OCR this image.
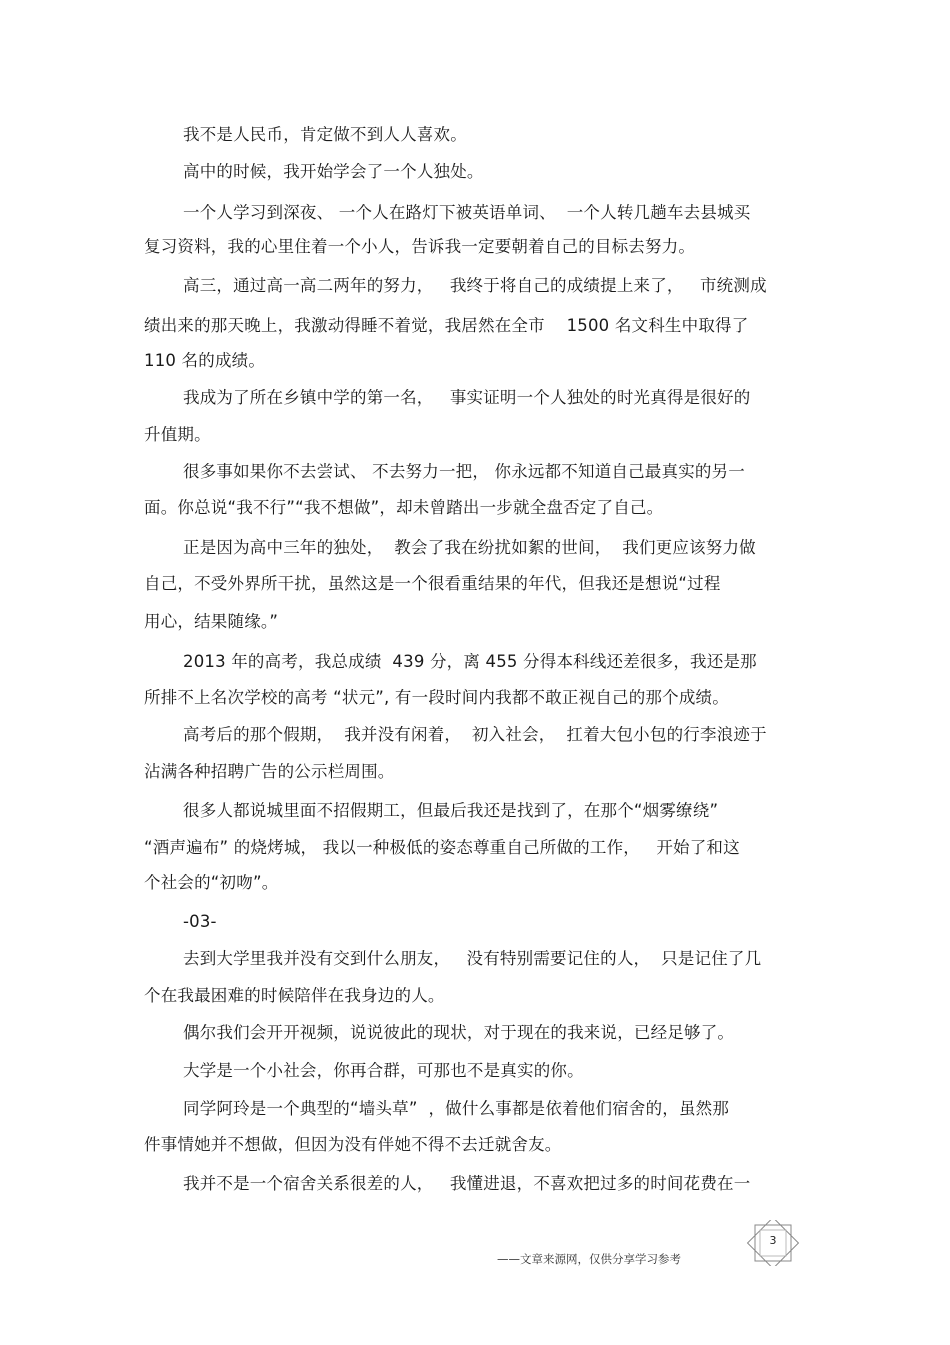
我不是人民币，肯定做不到人人喜欢。
高中的时候，我开始学会了一个人独处。
一个人学习到深夜、 一个人在路灯下被英语单词、  一个人转几趟车去县城买
复习资料，我的心里住着一个小人，告诉我一定要朝着自己的目标去努力。
高三，通过高一高二两年的努力，   我终于将自己的成绩提上来了，   市统测成
绩出来的那天晚上，我激动得睡不着觉，我居然在全市    1500 名文科生中取得了
110 名的成绩。
我成为了所在乡镇中学的第一名，   事实证明一个人独处的时光真得是很好的
升值期。
很多事如果你不去尝试、 不去努力一把， 你永远都不知道自己最真实的另一
面。你总说“我不行”“我不想做”，却未曾踏出一步就全盘否定了自己。
正是因为高中三年的独处，  教会了我在纷扰如絮的世间，  我们更应该努力做
自己，不受外界所干扰，虽然这是一个很看重结果的年代，但我还是想说“过程
用心，结果随缘。”
2013 年的高考，我总成绩  439 分，离 455 分得本科线还差很多，我还是那
所排不上名次学校的高考 “状元”, 有一段时间内我都不敢正视自己的那个成绩。
高考后的那个假期，  我并没有闲着，  初入社会，  扛着大包小包的行李浪迹于
沾满各种招聘广告的公示栏周围。
很多人都说城里面不招假期工，但最后我还是找到了，在那个“烟雾缭绕”
“酒声遍布” 的烧烤城， 我以一种极低的姿态尊重自己所做的工作，   开始了和这
个社会的“初吻”。
-03-
去到大学里我并没有交到什么朋友，   没有特别需要记住的人，  只是记住了几
个在我最困难的时候陪伴在我身边的人。
偶尔我们会开开视频，说说彼此的现状，对于现在的我来说，已经足够了。
大学是一个小社会，你再合群，可那也不是真实的你。
同学阿玲是一个典型的“墙头草”  ，做什么事都是依着他们宿舍的，虽然那
件事情她并不想做，但因为没有伴她不得不去迁就舍友。
我并不是一个宿舍关系很差的人，   我懂进退，不喜欢把过多的时间花费在一
——文章来源网，仅供分享学习参考
3
